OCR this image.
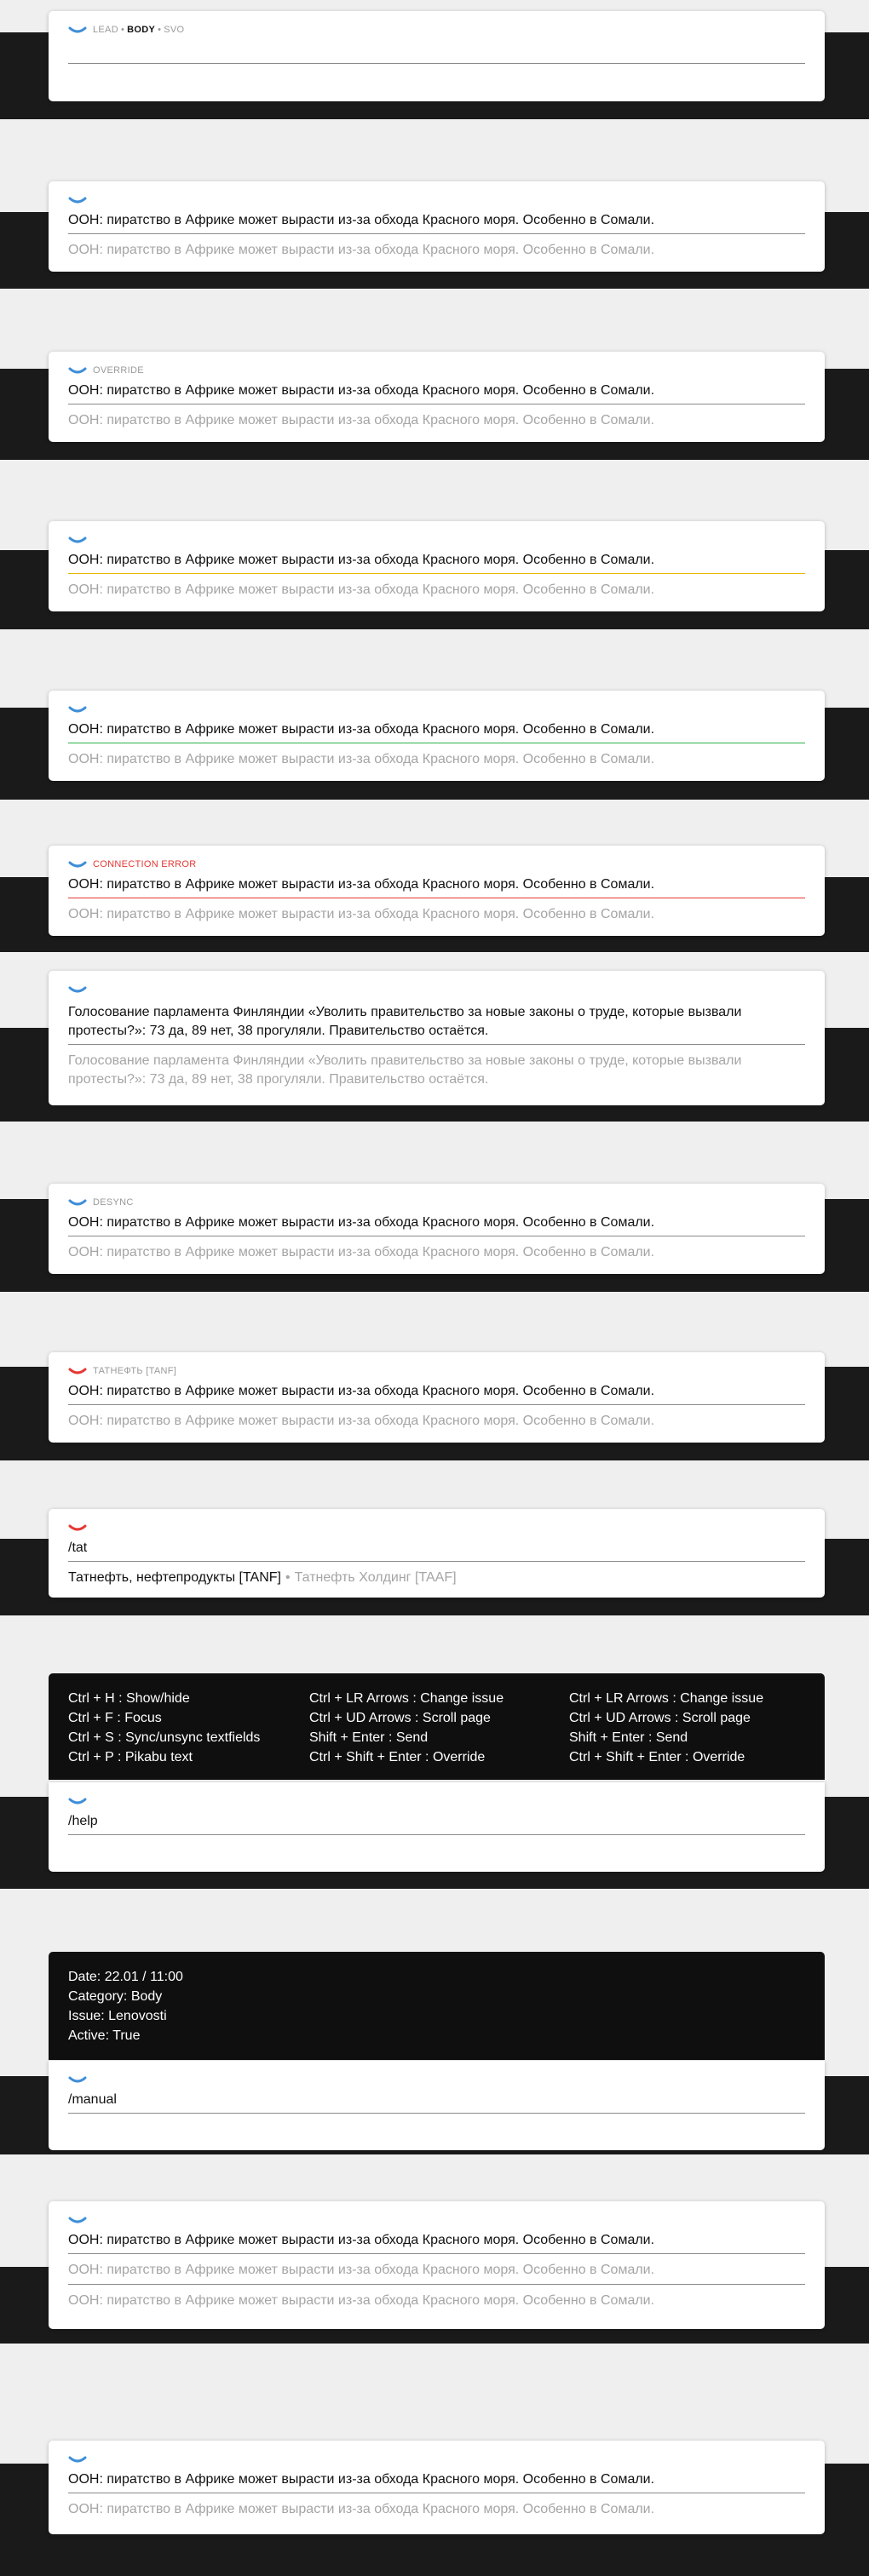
LEAD • BODY • SVO
ООН: пиратство в Африке может вырасти из-за обхода Красного моря. Особенно в Сомали.
ООН: пиратство в Африке может вырасти из-за обхода Красного моря. Особенно в Сомали.
OVERRIDE
ООН: пиратство в Африке может вырасти из-за обхода Красного моря. Особенно в Сомали.
ООН: пиратство в Африке может вырасти из-за обхода Красного моря. Особенно в Сомали.
ООН: пиратство в Африке может вырасти из-за обхода Красного моря. Особенно в Сомали.
ООН: пиратство в Африке может вырасти из-за обхода Красного моря. Особенно в Сомали.
ООН: пиратство в Африке может вырасти из-за обхода Красного моря. Особенно в Сомали.
ООН: пиратство в Африке может вырасти из-за обхода Красного моря. Особенно в Сомали.
CONNECTION ERROR
ООН: пиратство в Африке может вырасти из-за обхода Красного моря. Особенно в Сомали.
ООН: пиратство в Африке может вырасти из-за обхода Красного моря. Особенно в Сомали.
Голосование парламента Финляндии «Уволить правительство за новые законы о труде, которые вызвали протесты?»: 73 да, 89 нет, 38 прогуляли. Правительство остаётся.
Голосование парламента Финляндии «Уволить правительство за новые законы о труде, которые вызвали протесты?»: 73 да, 89 нет, 38 прогуляли. Правительство остаётся.
DESYNC
ООН: пиратство в Африке может вырасти из-за обхода Красного моря. Особенно в Сомали.
ООН: пиратство в Африке может вырасти из-за обхода Красного моря. Особенно в Сомали.
ТАТНЕФТЬ [TANF]
ООН: пиратство в Африке может вырасти из-за обхода Красного моря. Особенно в Сомали.
ООН: пиратство в Африке может вырасти из-за обхода Красного моря. Особенно в Сомали.
/tat
Татнефть, нефтепродукты [TANF] • Татнефть Холдинг [TAAF]
Ctrl + H : Show/hide
Ctrl + F : Focus
Ctrl + S : Sync/unsync textfields
Ctrl + P : Pikabu text
Ctrl + LR Arrows : Change issue
Ctrl + UD Arrows : Scroll page
Shift + Enter : Send
Ctrl + Shift + Enter : Override
Ctrl + LR Arrows : Change issue
Ctrl + UD Arrows : Scroll page
Shift + Enter : Send
Ctrl + Shift + Enter : Override
/help
Date: 22.01 / 11:00
Category: Body
Issue: Lenovosti
Active: True
/manual
ООН: пиратство в Африке может вырасти из-за обхода Красного моря. Особенно в Сомали.
ООН: пиратство в Африке может вырасти из-за обхода Красного моря. Особенно в Сомали.
ООН: пиратство в Африке может вырасти из-за обхода Красного моря. Особенно в Сомали.
ООН: пиратство в Африке может вырасти из-за обхода Красного моря. Особенно в Сомали.
ООН: пиратство в Африке может вырасти из-за обхода Красного моря. Особенно в Сомали.
